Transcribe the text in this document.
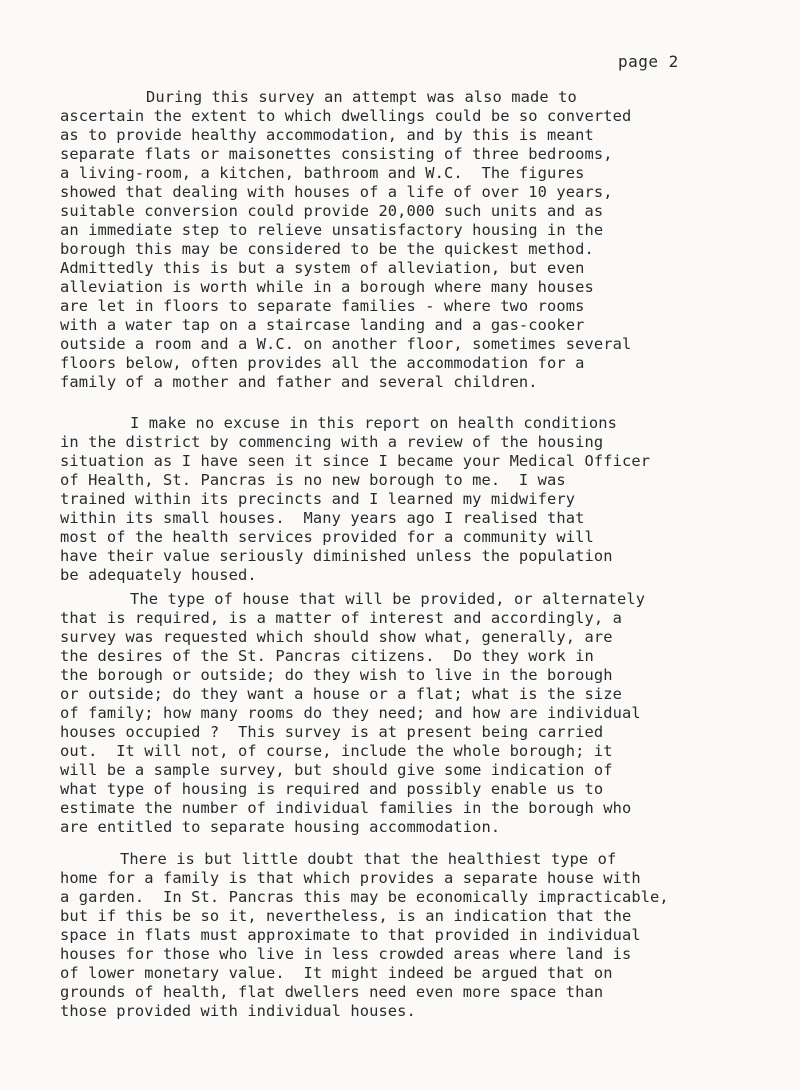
page 2
During this survey an attempt was also made to
ascertain the extent to which dwellings could be so converted
as to provide healthy accommodation, and by this is meant
separate flats or maisonettes consisting of three bedrooms,
a living-room, a kitchen, bathroom and W.C.  The figures
showed that dealing with houses of a life of over 10 years,
suitable conversion could provide 20,000 such units and as
an immediate step to relieve unsatisfactory housing in the
borough this may be considered to be the quickest method.
Admittedly this is but a system of alleviation, but even
alleviation is worth while in a borough where many houses
are let in floors to separate families - where two rooms
with a water tap on a staircase landing and a gas-cooker
outside a room and a W.C. on another floor, sometimes several
floors below, often provides all the accommodation for a
family of a mother and father and several children.
I make no excuse in this report on health conditions
in the district by commencing with a review of the housing
situation as I have seen it since I became your Medical Officer
of Health, St. Pancras is no new borough to me.  I was
trained within its precincts and I learned my midwifery
within its small houses.  Many years ago I realised that
most of the health services provided for a community will
have their value seriously diminished unless the population
be adequately housed.
The type of house that will be provided, or alternately
that is required, is a matter of interest and accordingly, a
survey was requested which should show what, generally, are
the desires of the St. Pancras citizens.  Do they work in
the borough or outside; do they wish to live in the borough
or outside; do they want a house or a flat; what is the size
of family; how many rooms do they need; and how are individual
houses occupied ?  This survey is at present being carried
out.  It will not, of course, include the whole borough; it
will be a sample survey, but should give some indication of
what type of housing is required and possibly enable us to
estimate the number of individual families in the borough who
are entitled to separate housing accommodation.
There is but little doubt that the healthiest type of
home for a family is that which provides a separate house with
a garden.  In St. Pancras this may be economically impracticable,
but if this be so it, nevertheless, is an indication that the
space in flats must approximate to that provided in individual
houses for those who live in less crowded areas where land is
of lower monetary value.  It might indeed be argued that on
grounds of health, flat dwellers need even more space than
those provided with individual houses.
